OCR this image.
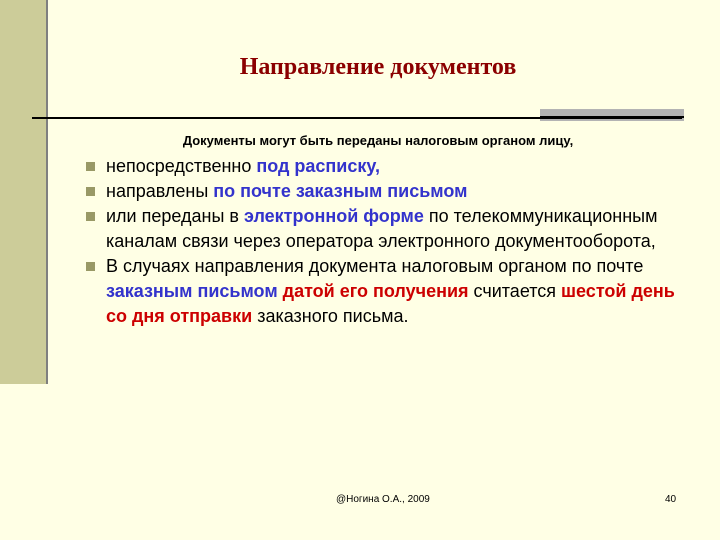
Направление документов
Документы могут быть переданы налоговым органом лицу,
непосредственно под расписку,
направлены по почте заказным письмом
или переданы в электронной форме по телекоммуникационным каналам связи через оператора электронного документооборота,
В случаях направления документа налоговым органом по почте заказным письмом датой его получения считается шестой день со дня отправки заказного письма.
@Ногина О.А., 2009	40
